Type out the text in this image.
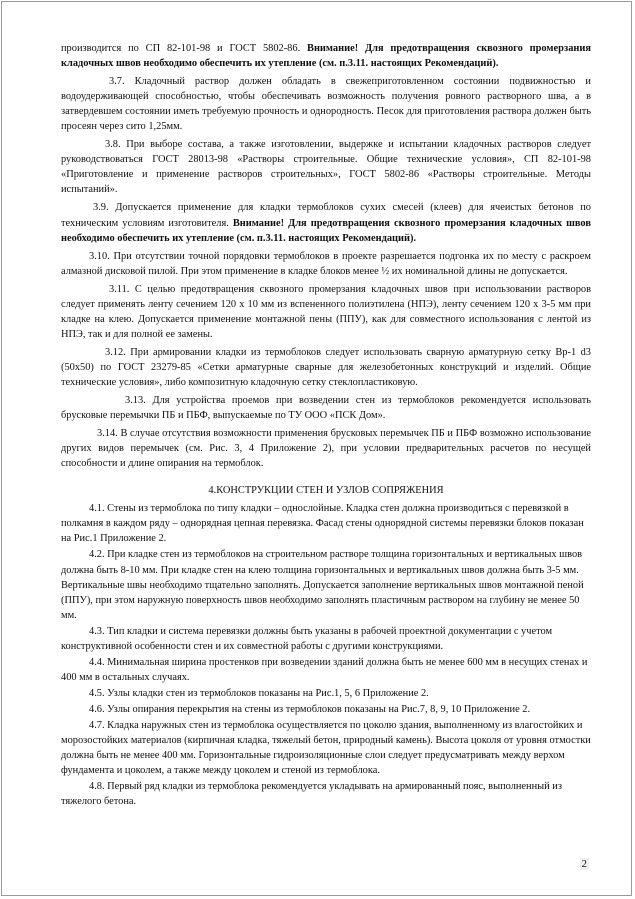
производится по СП 82-101-98 и ГОСТ 5802-86. Внимание! Для предотвращения сквозного промерзания кладочных швов необходимо обеспечить их утепление (см. п.3.11. настоящих Рекомендаций).

3.7. Кладочный раствор должен обладать в свежеприготовленном состоянии подвижностью и водоудерживающей способностью, чтобы обеспечивать возможность получения ровного растворного шва, а в затвердевшем состоянии иметь требуемую прочность и однородность. Песок для приготовления раствора должен быть просеян через сито 1,25мм.

3.8. При выборе состава, а также изготовлении, выдержке и испытании кладочных растворов следует руководствоваться ГОСТ 28013-98 «Растворы строительные. Общие технические условия», СП 82-101-98 «Приготовление и применение растворов строительных», ГОСТ 5802-86 «Растворы строительные. Методы испытаний».

3.9. Допускается применение для кладки термоблоков сухих смесей (клеев) для ячеистых бетонов по техническим условиям изготовителя. Внимание! Для предотвращения сквозного промерзания кладочных швов необходимо обеспечить их утепление (см. п.3.11. настоящих Рекомендаций).

3.10. При отсутствии точной порядовки термоблоков в проекте разрешается подгонка их по месту с раскроем алмазной дисковой пилой. При этом применение в кладке блоков менее ½ их номинальной длины не допускается.

3.11. С целью предотвращения сквозного промерзания кладочных швов при использовании растворов следует применять ленту сечением 120 х 10 мм из вспененного полиэтилена (НПЭ), ленту сечением 120 х 3-5 мм при кладке на клею. Допускается применение монтажной пены (ППУ), как для совместного использования с лентой из НПЭ, так и для полной ее замены.

3.12. При армировании кладки из термоблоков следует использовать сварную арматурную сетку Вр-1 d3 (50х50) по ГОСТ 23279-85 «Сетки арматурные сварные для железобетонных конструкций и изделий. Общие технические условия», либо композитную кладочную сетку стеклопластиковую.

3.13. Для устройства проемов при возведении стен из термоблоков рекомендуется использовать брусковые перемычки ПБ и ПБФ, выпускаемые по ТУ ООО «ПСК Дом».

3.14. В случае отсутствия возможности применения брусковых перемычек ПБ и ПБФ возможно использование других видов перемычек (см. Рис. 3, 4 Приложение 2), при условии предварительных расчетов по несущей способности и длине опирания на термоблок.

4.КОНСТРУКЦИИ СТЕН И УЗЛОВ СОПРЯЖЕНИЯ

4.1. Стены из термоблока по типу кладки – однослойные. Кладка стен должна производиться с перевязкой в полкамня в каждом ряду – однорядная цепная перевязка. Фасад стены однорядной системы перевязки блоков показан на Рис.1 Приложение 2.

4.2. При кладке стен из термоблоков на строительном растворе толщина горизонтальных и вертикальных швов должна быть 8-10 мм. При кладке стен на клею толщина горизонтальных и вертикальных швов должна быть 3-5 мм. Вертикальные швы необходимо тщательно заполнять. Допускается заполнение вертикальных швов монтажной пеной (ППУ), при этом наружную поверхность швов необходимо заполнять пластичным раствором на глубину не менее 50 мм.

4.3. Тип кладки и система перевязки должны быть указаны в рабочей проектной документации с учетом конструктивной особенности стен и их совместной работы с другими конструкциями.

4.4. Минимальная ширина простенков при возведении зданий должна быть не менее 600 мм в несущих стенах и 400 мм в остальных случаях.

4.5. Узлы кладки стен из термоблоков показаны на Рис.1, 5, 6 Приложение 2.

4.6. Узлы опирания перекрытия на стены из термоблоков показаны на Рис.7, 8, 9, 10 Приложение 2.

4.7. Кладка наружных стен из термоблока осуществляется по цоколю здания, выполненному из влагостойких и морозостойких материалов (кирпичная кладка, тяжелый бетон, природный камень). Высота цоколя от уровня отмостки должна быть не менее 400 мм. Горизонтальные гидроизоляционные слои следует предусматривать между верхом фундамента и цоколем, а также между цоколем и стеной из термоблока.

4.8. Первый ряд кладки из термоблока рекомендуется укладывать на армированный пояс, выполненный из тяжелого бетона.

2
